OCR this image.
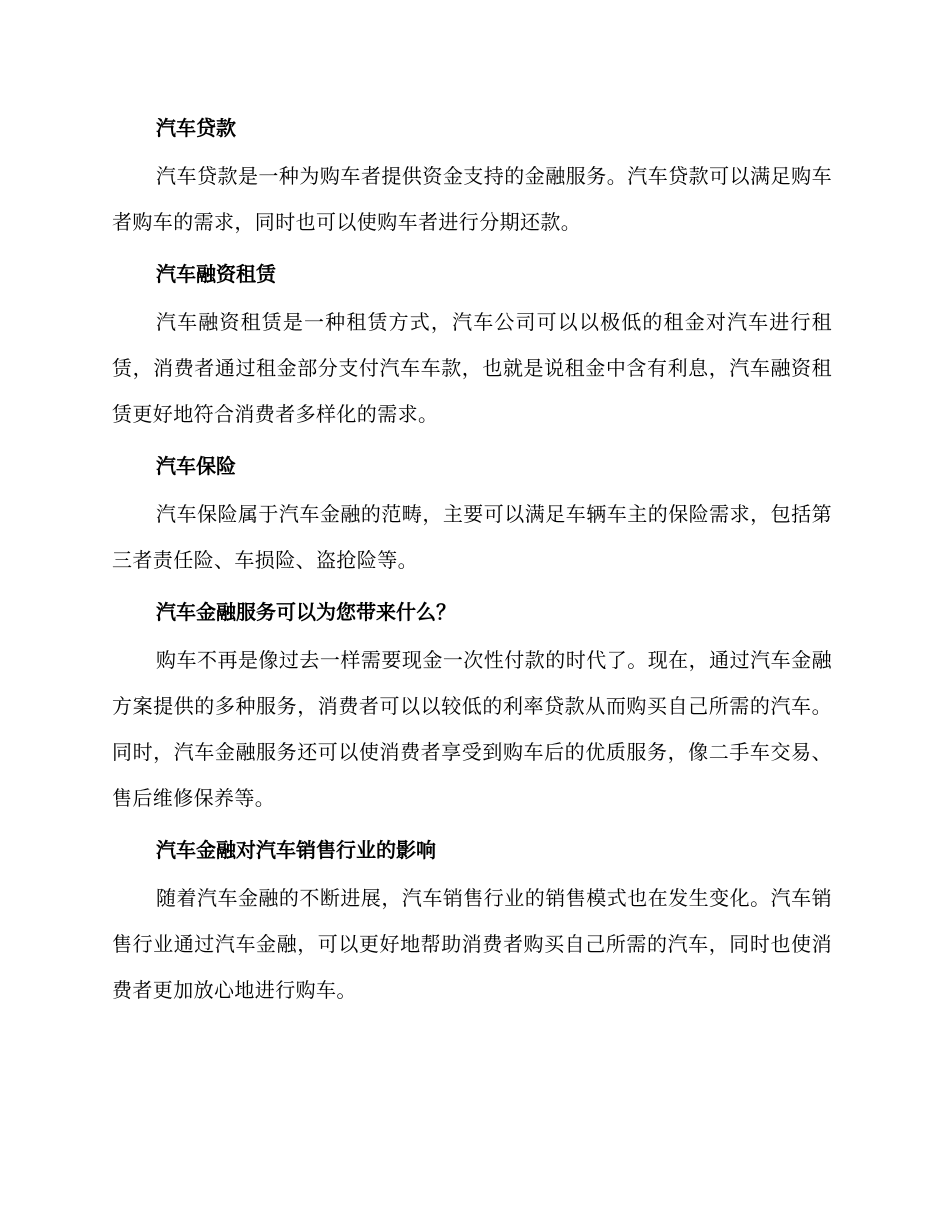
汽车贷款

汽车贷款是一种为购车者提供资金支持的金融服务。汽车贷款可以满足购车者购车的需求，同时也可以使购车者进行分期还款。

汽车融资租赁

汽车融资租赁是一种租赁方式，汽车公司可以以极低的租金对汽车进行租赁，消费者通过租金部分支付汽车车款，也就是说租金中含有利息，汽车融资租赁更好地符合消费者多样化的需求。

汽车保险

汽车保险属于汽车金融的范畴，主要可以满足车辆车主的保险需求，包括第三者责任险、车损险、盗抢险等。

汽车金融服务可以为您带来什么？

购车不再是像过去一样需要现金一次性付款的时代了。现在，通过汽车金融方案提供的多种服务，消费者可以以较低的利率贷款从而购买自己所需的汽车。同时，汽车金融服务还可以使消费者享受到购车后的优质服务，像二手车交易、售后维修保养等。

汽车金融对汽车销售行业的影响

随着汽车金融的不断进展，汽车销售行业的销售模式也在发生变化。汽车销售行业通过汽车金融，可以更好地帮助消费者购买自己所需的汽车，同时也使消费者更加放心地进行购车。
